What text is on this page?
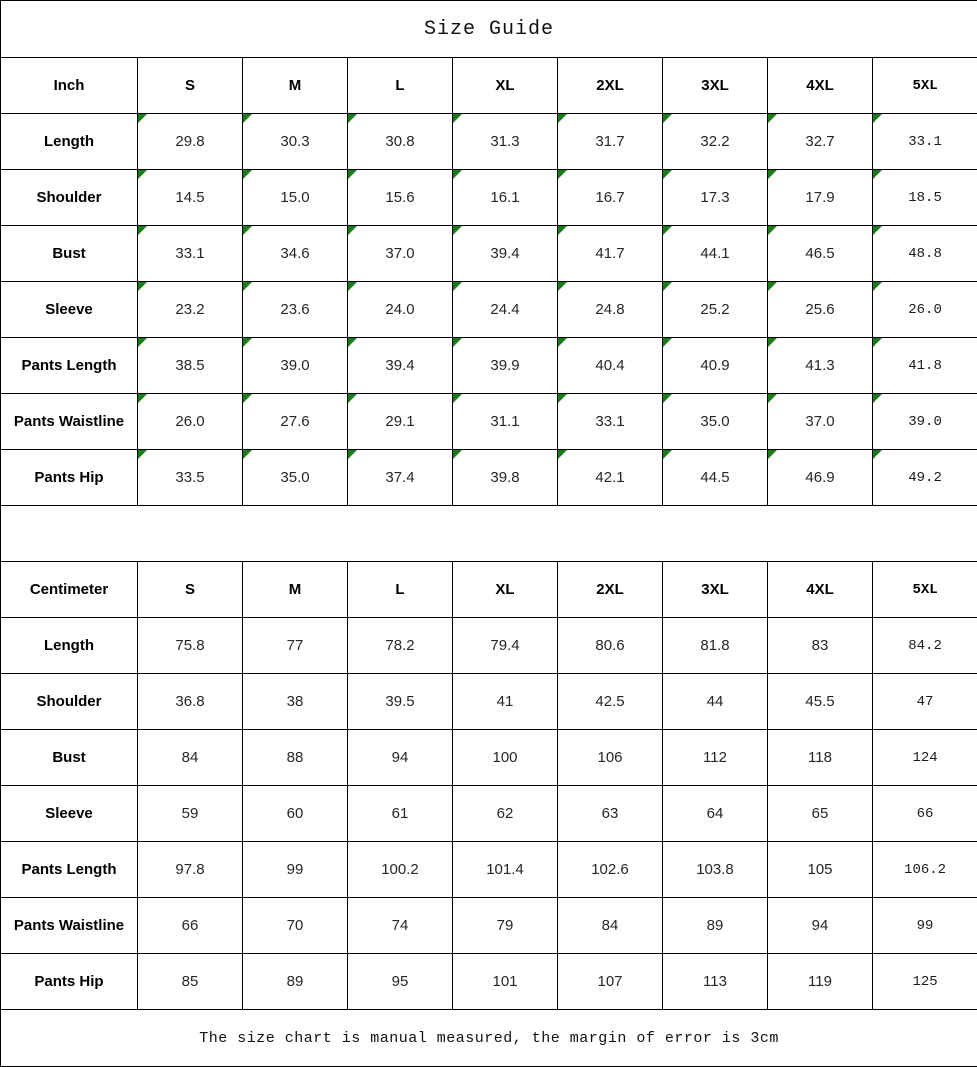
Size Guide								
Inch	S	M	L	XL	2XL	3XL	4XL	5XL
Length	29.8	30.3	30.8	31.3	31.7	32.2	32.7	33.1

Shoulder	14.5	15.0	15.6	16.1	16.7	17.3	17.9	18.5

Bust	33.1	34.6	37.0	39.4	41.7	44.1	46.5	48.8

Sleeve	23.2	23.6	24.0	24.4	24.8	25.2	25.6	26.0

Pants Length	38.5	39.0	39.4	39.9	40.4	40.9	41.3	41.8

Pants Waistline	26.0	27.6	29.1	31.1	33.1	35.0	37.0	39.0

Pants Hip	33.5	35.0	37.4	39.8	42.1	44.5	46.9	49.2

Centimeter	S	M	L	XL	2XL	3XL	4XL	5XL
Length	75.8	77	78.2	79.4	80.6	81.8	83	84.2
Shoulder	36.8	38	39.5	41	42.5	44	45.5	47
Bust	84	88	94	100	106	112	118	124
Sleeve	59	60	61	62	63	64	65	66
Pants Length	97.8	99	100.2	101.4	102.6	103.8	105	106.2
Pants Waistline	66	70	74	79	84	89	94	99
Pants Hip	85	89	95	101	107	113	119	125
The size chart is manual measured, the margin of error is 3cm								
